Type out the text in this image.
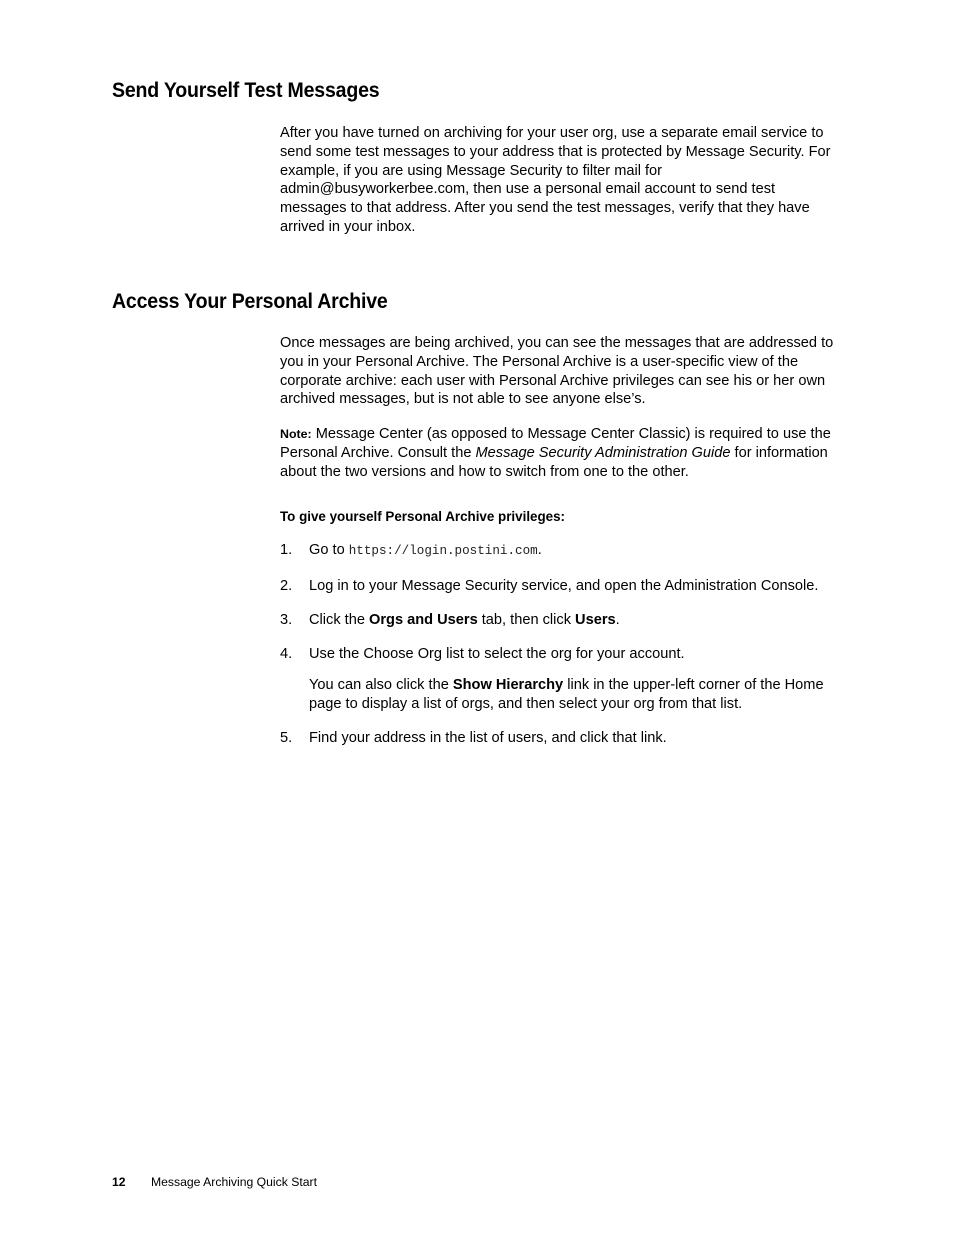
Send Yourself Test Messages

After you have turned on archiving for your user org, use a separate email service to send some test messages to your address that is protected by Message Security. For example, if you are using Message Security to filter mail for admin@busyworkerbee.com, then use a personal email account to send test messages to that address. After you send the test messages, verify that they have arrived in your inbox.

Access Your Personal Archive

Once messages are being archived, you can see the messages that are addressed to you in your Personal Archive. The Personal Archive is a user-specific view of the corporate archive: each user with Personal Archive privileges can see his or her own archived messages, but is not able to see anyone else’s.

Note: Message Center (as opposed to Message Center Classic) is required to use the Personal Archive. Consult the Message Security Administration Guide for information about the two versions and how to switch from one to the other.

To give yourself Personal Archive privileges:

1. Go to https://login.postini.com.
2. Log in to your Message Security service, and open the Administration Console.
3. Click the Orgs and Users tab, then click Users.
4. Use the Choose Org list to select the org for your account.
You can also click the Show Hierarchy link in the upper-left corner of the Home page to display a list of orgs, and then select your org from that list.
5. Find your address in the list of users, and click that link.
12 Message Archiving Quick Start
